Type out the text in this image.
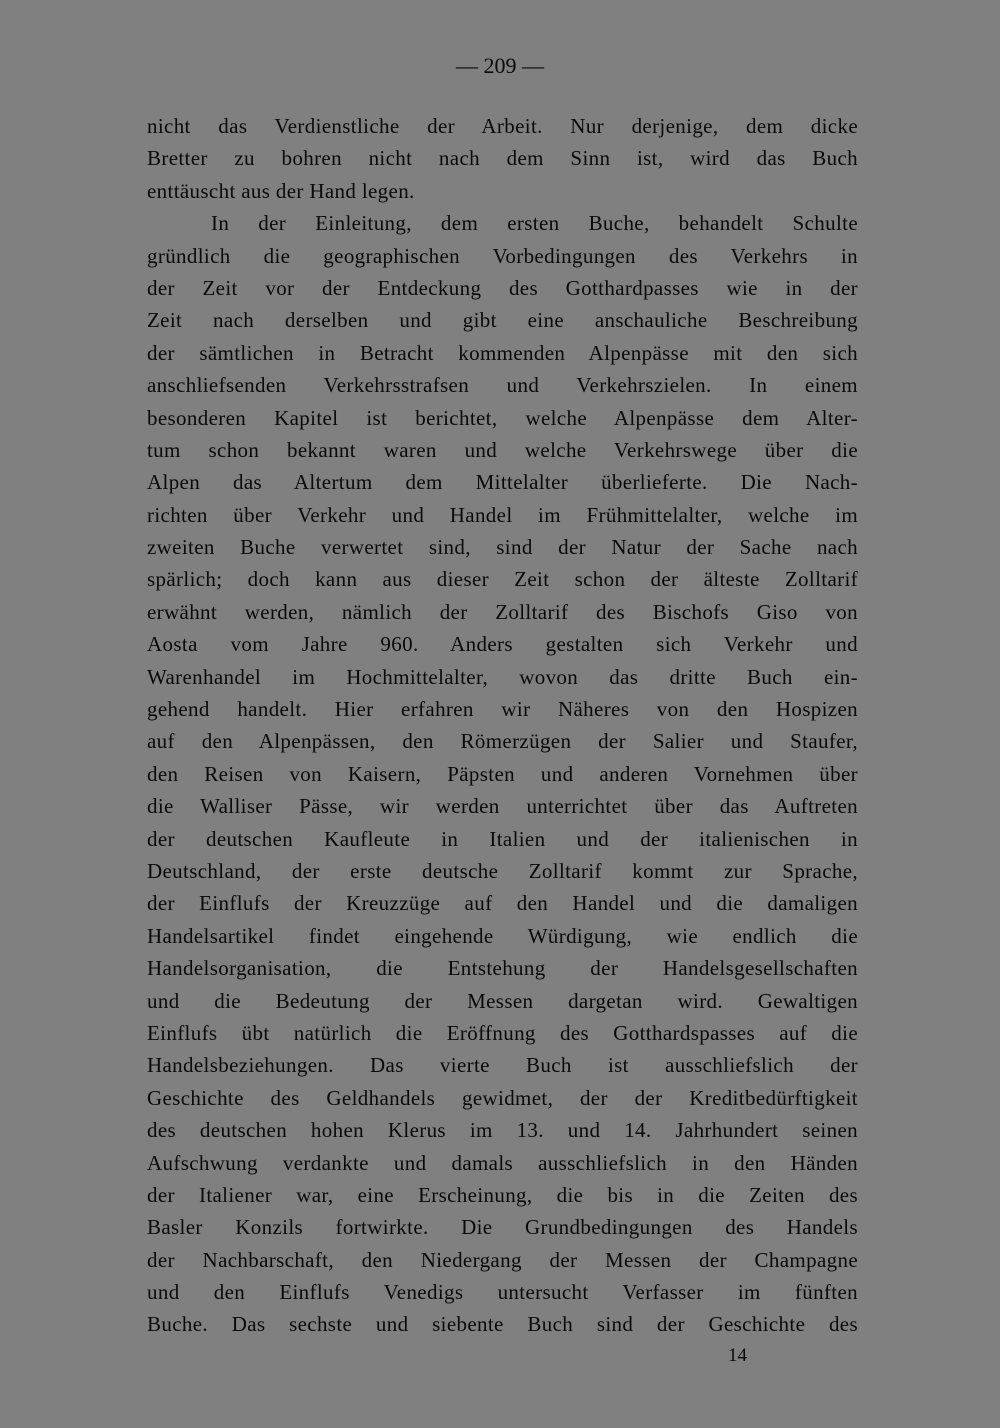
— 209 —
nicht das Verdienstliche der Arbeit. Nur derjenige, dem dicke
Bretter zu bohren nicht nach dem Sinn ist, wird das Buch
enttäuscht aus der Hand legen.
In der Einleitung, dem ersten Buche, behandelt Schulte
gründlich die geographischen Vorbedingungen des Verkehrs in
der Zeit vor der Entdeckung des Gotthardpasses wie in der
Zeit nach derselben und gibt eine anschauliche Beschreibung
der sämtlichen in Betracht kommenden Alpenpässe mit den sich
anschliefsenden Verkehrsstrafsen und Verkehrszielen. In einem
besonderen Kapitel ist berichtet, welche Alpenpässe dem Alter-
tum schon bekannt waren und welche Verkehrswege über die
Alpen das Altertum dem Mittelalter überlieferte. Die Nach-
richten über Verkehr und Handel im Frühmittelalter, welche im
zweiten Buche verwertet sind, sind der Natur der Sache nach
spärlich; doch kann aus dieser Zeit schon der älteste Zolltarif
erwähnt werden, nämlich der Zolltarif des Bischofs Giso von
Aosta vom Jahre 960. Anders gestalten sich Verkehr und
Warenhandel im Hochmittelalter, wovon das dritte Buch ein-
gehend handelt. Hier erfahren wir Näheres von den Hospizen
auf den Alpenpässen, den Römerzügen der Salier und Staufer,
den Reisen von Kaisern, Päpsten und anderen Vornehmen über
die Walliser Pässe, wir werden unterrichtet über das Auftreten
der deutschen Kaufleute in Italien und der italienischen in
Deutschland, der erste deutsche Zolltarif kommt zur Sprache,
der Einflufs der Kreuzzüge auf den Handel und die damaligen
Handelsartikel findet eingehende Würdigung, wie endlich die
Handelsorganisation, die Entstehung der Handelsgesellschaften
und die Bedeutung der Messen dargetan wird. Gewaltigen
Einflufs übt natürlich die Eröffnung des Gotthardspasses auf die
Handelsbeziehungen. Das vierte Buch ist ausschliefslich der
Geschichte des Geldhandels gewidmet, der der Kreditbedürftigkeit
des deutschen hohen Klerus im 13. und 14. Jahrhundert seinen
Aufschwung verdankte und damals ausschliefslich in den Händen
der Italiener war, eine Erscheinung, die bis in die Zeiten des
Basler Konzils fortwirkte. Die Grundbedingungen des Handels
der Nachbarschaft, den Niedergang der Messen der Champagne
und den Einflufs Venedigs untersucht Verfasser im fünften
Buche. Das sechste und siebente Buch sind der Geschichte des
14
